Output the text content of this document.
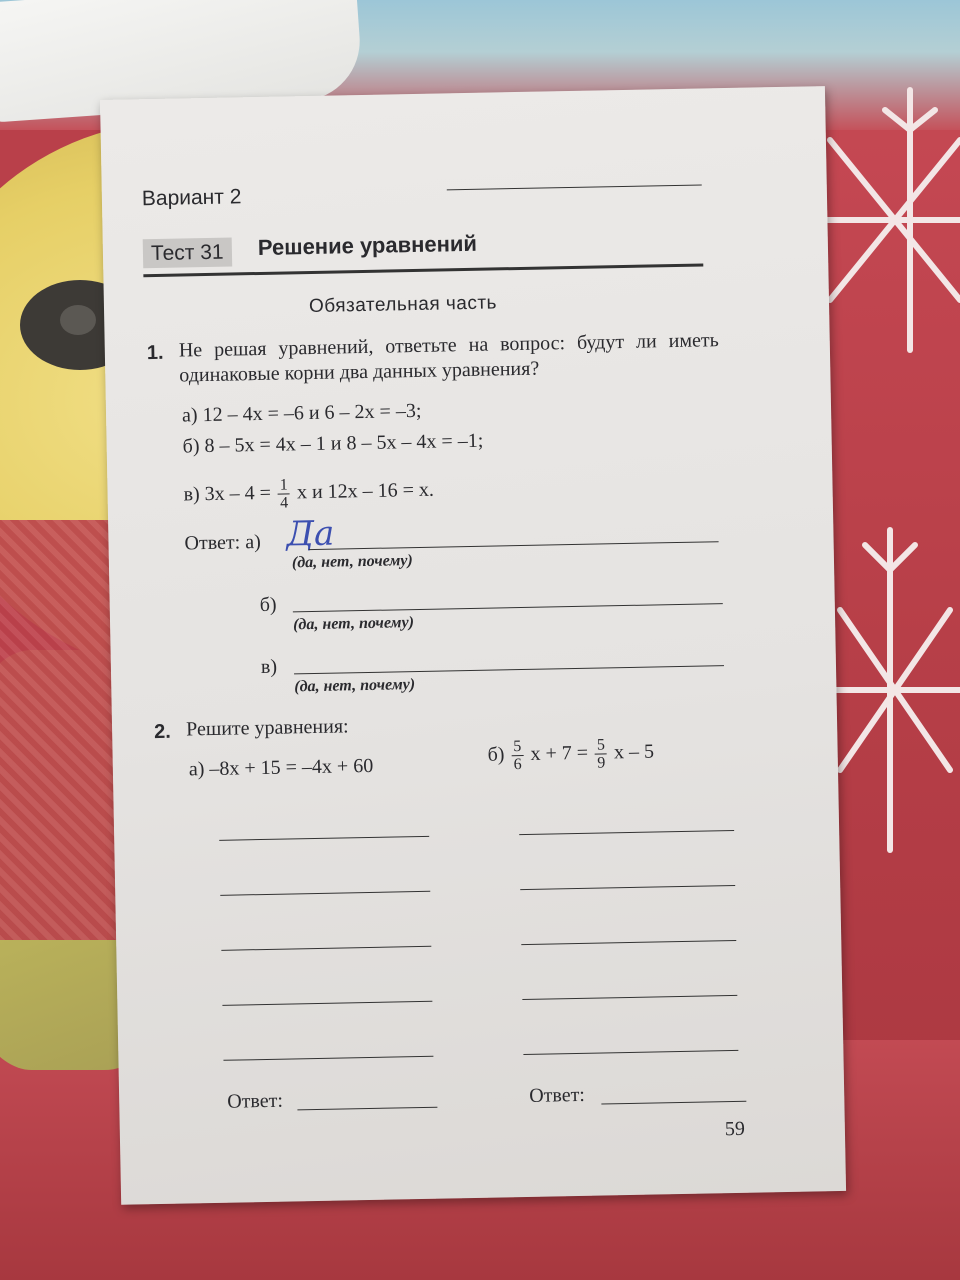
Вариант 2
Тест 31	Решение уравнений
Обязательная часть
1. Не решая уравнений, ответьте на вопрос: будут ли иметь одинаковые корни два данных уравнения?
а) 12 – 4x = –6 и 6 – 2x = –3;
б) 8 – 5x = 4x – 1 и 8 – 5x – 4x = –1;
в) $3x - 4 = \frac{1}{4}$ x и 12x – 16 = x.
Ответ: а) Да
(да, нет, почему)
б)
(да, нет, почему)
в)
(да, нет, почему)
2. Решите уравнения:
а) –8x + 15 = –4x + 60
$б) \frac{5}{6}$ $x + 7 = \frac{5}{9}$ x – 5
Ответ:	Ответ:
59
